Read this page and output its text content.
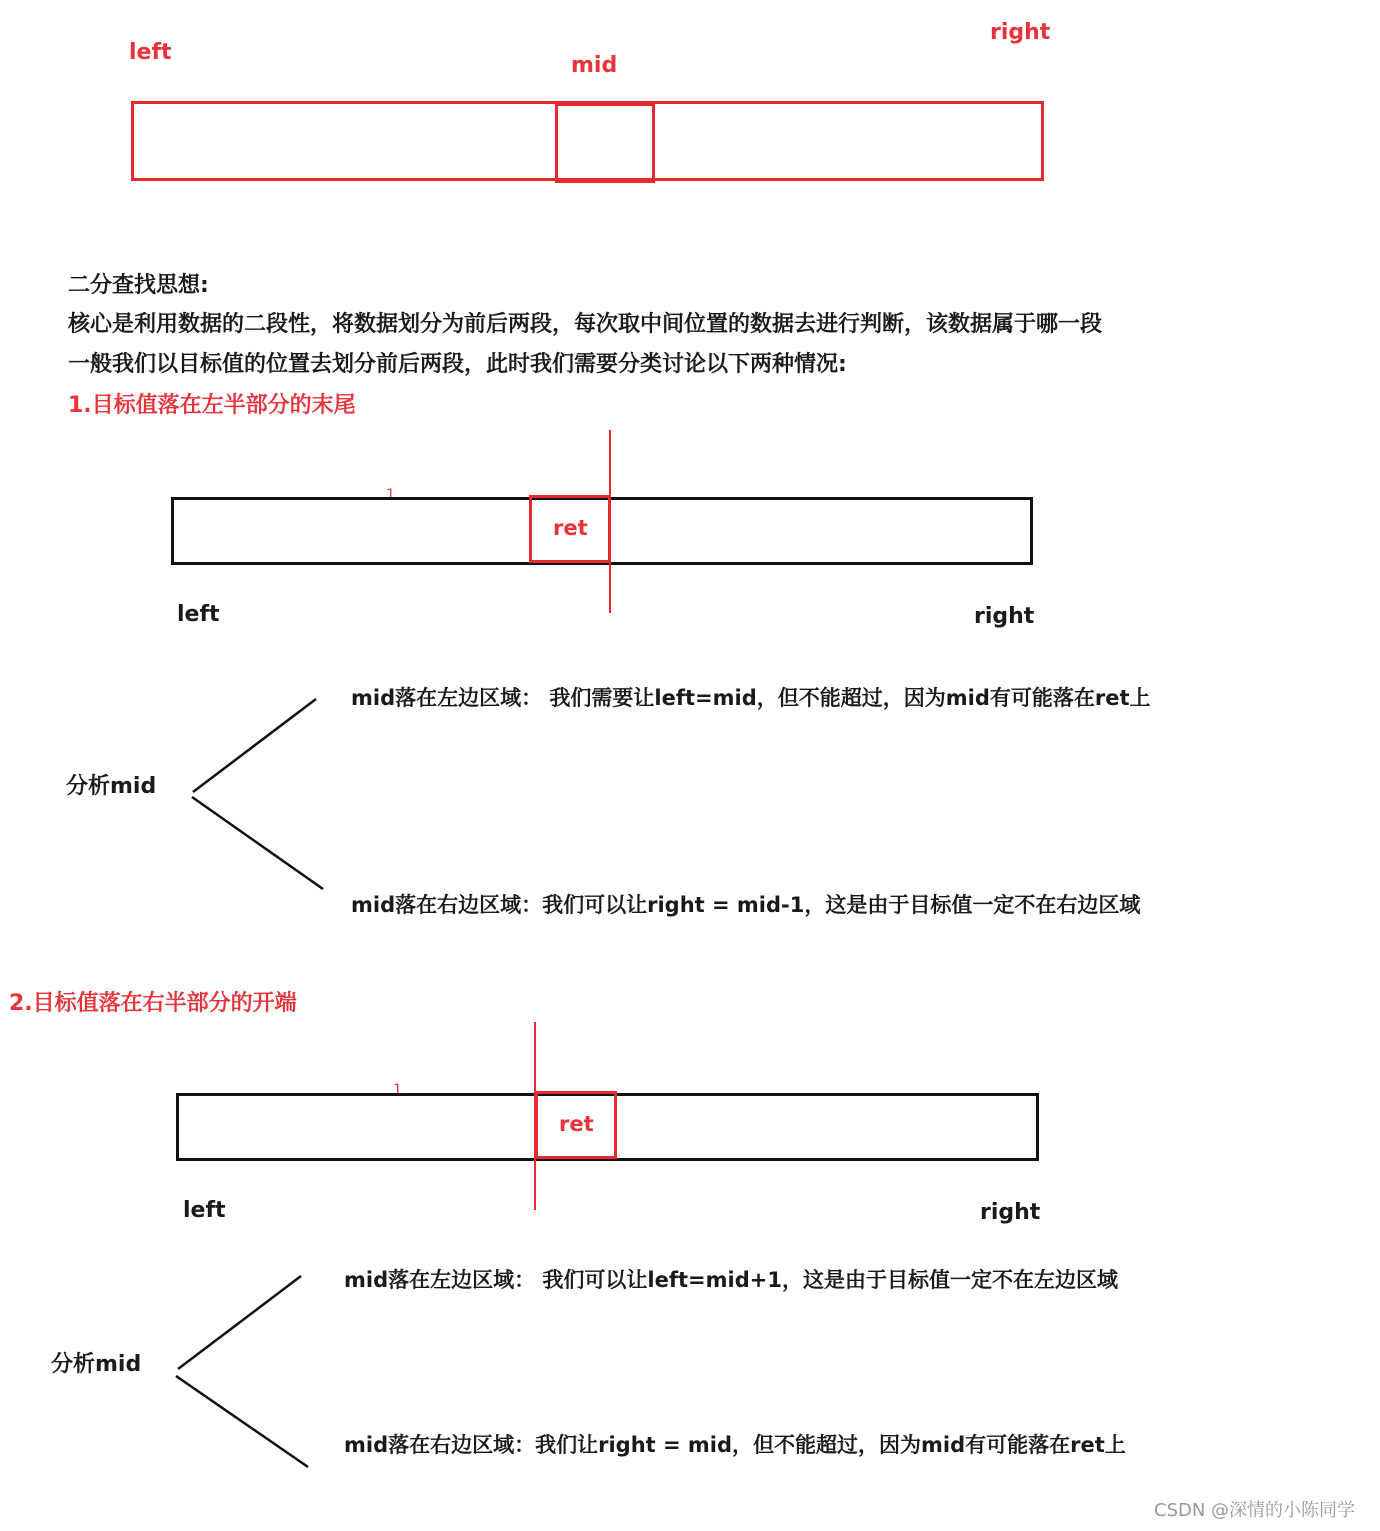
left
mid
right
二分查找思想:
核心是利用数据的二段性，将数据划分为前后两段，每次取中间位置的数据去进行判断，该数据属于哪一段
一般我们以目标值的位置去划分前后两段，此时我们需要分类讨论以下两种情况:
1.目标值落在左半部分的末尾
1
ret
left	right
分析mid
mid落在左边区域： 我们需要让left=mid，但不能超过，因为mid有可能落在ret上
mid落在右边区域：我们可以让right = mid-1，这是由于目标值一定不在右边区域
2.目标值落在右半部分的开端
1
ret
left	right
分析mid
mid落在左边区域： 我们可以让left=mid+1，这是由于目标值一定不在左边区域
mid落在右边区域：我们让right = mid，但不能超过，因为mid有可能落在ret上
CSDN @深情的小陈同学
